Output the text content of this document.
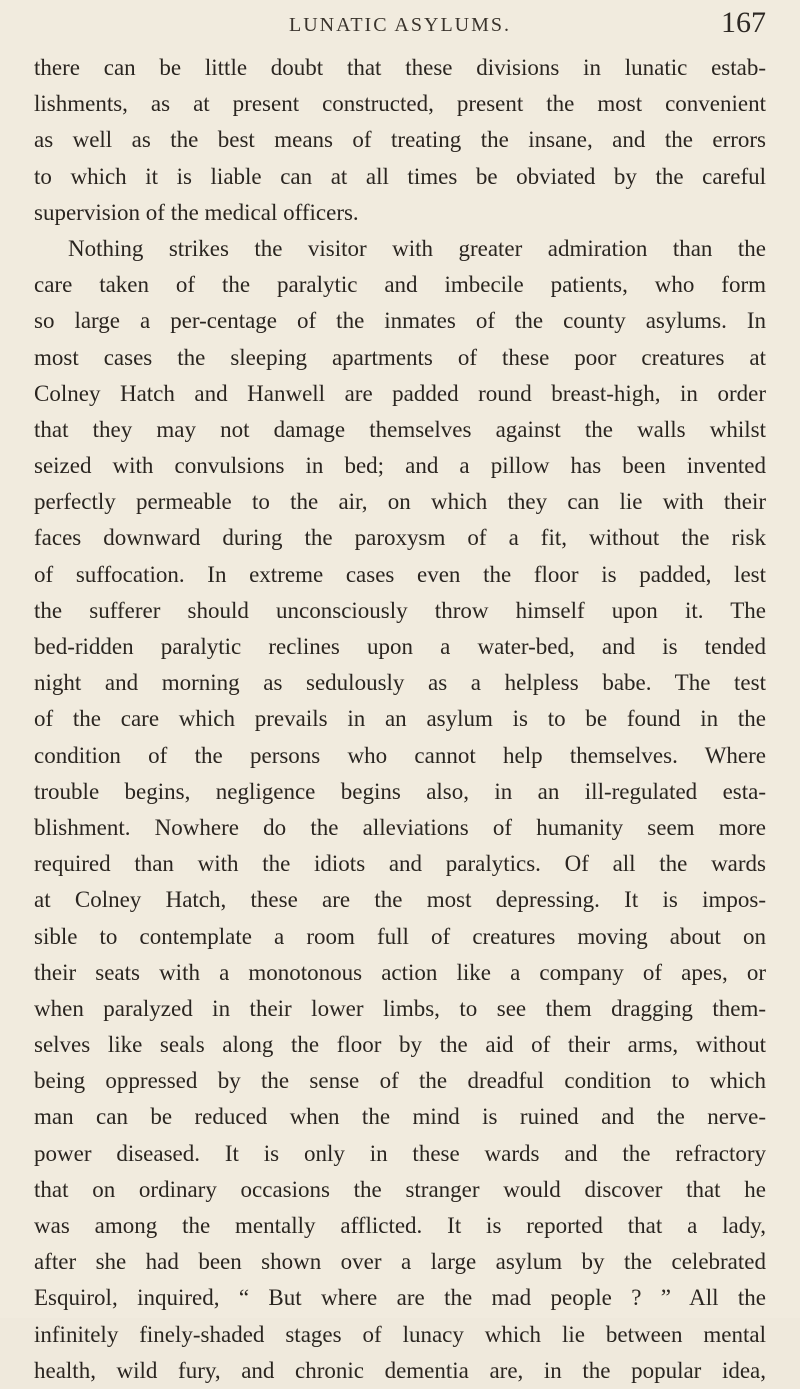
LUNATIC ASYLUMS.	167
there can be little doubt that these divisions in lunatic estab-
lishments, as at present constructed, present the most convenient
as well as the best means of treating the insane, and the errors
to which it is liable can at all times be obviated by the careful
supervision of the medical officers.
Nothing strikes the visitor with greater admiration than the
care taken of the paralytic and imbecile patients, who form
so large a per-centage of the inmates of the county asylums. In
most cases the sleeping apartments of these poor creatures at
Colney Hatch and Hanwell are padded round breast-high, in order
that they may not damage themselves against the walls whilst
seized with convulsions in bed; and a pillow has been invented
perfectly permeable to the air, on which they can lie with their
faces downward during the paroxysm of a fit, without the risk
of suffocation. In extreme cases even the floor is padded, lest
the sufferer should unconsciously throw himself upon it. The
bed-ridden paralytic reclines upon a water-bed, and is tended
night and morning as sedulously as a helpless babe. The test
of the care which prevails in an asylum is to be found in the
condition of the persons who cannot help themselves. Where
trouble begins, negligence begins also, in an ill-regulated esta-
blishment. Nowhere do the alleviations of humanity seem more
required than with the idiots and paralytics. Of all the wards
at Colney Hatch, these are the most depressing. It is impos-
sible to contemplate a room full of creatures moving about on
their seats with a monotonous action like a company of apes, or
when paralyzed in their lower limbs, to see them dragging them-
selves like seals along the floor by the aid of their arms, without
being oppressed by the sense of the dreadful condition to which
man can be reduced when the mind is ruined and the nerve-
power diseased. It is only in these wards and the refractory
that on ordinary occasions the stranger would discover that he
was among the mentally afflicted. It is reported that a lady,
after she had been shown over a large asylum by the celebrated
Esquirol, inquired, “ But where are the mad people ? ” All the
infinitely finely-shaded stages of lunacy which lie between mental
health, wild fury, and chronic dementia are, in the popular idea,
